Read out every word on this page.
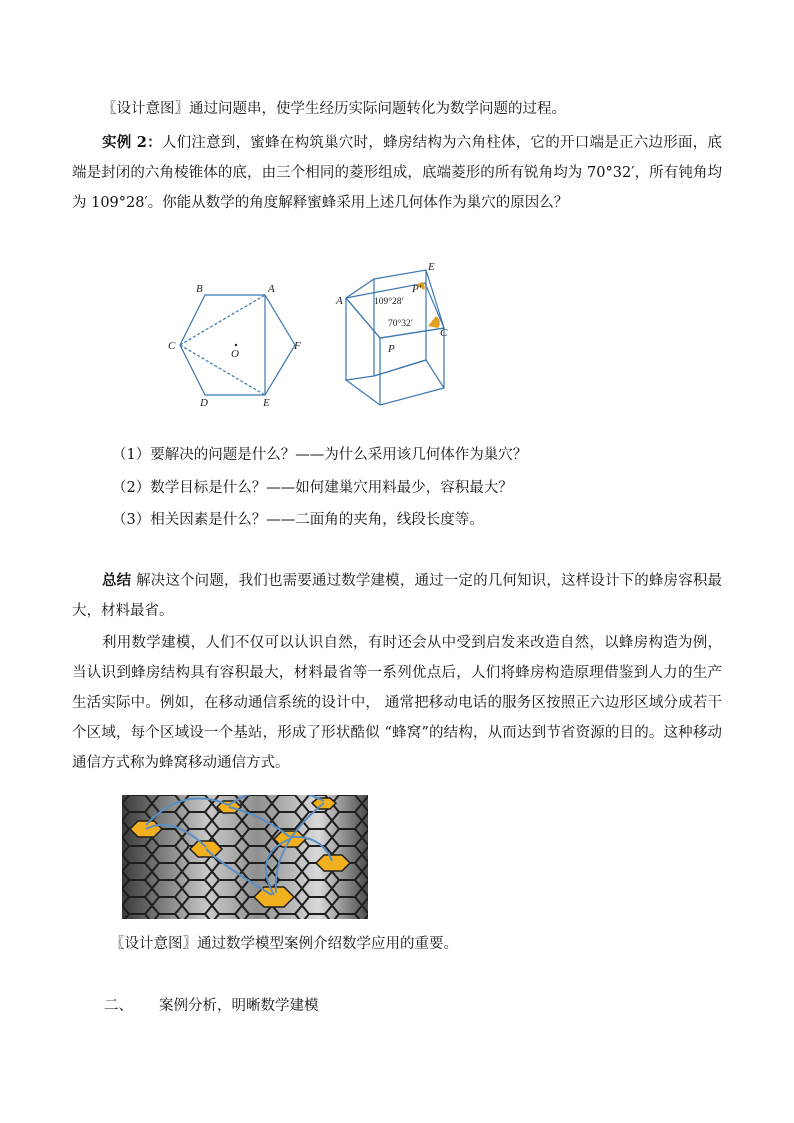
〖设计意图〗通过问题串，使学生经历实际问题转化为数学问题的过程。

实例 2：人们注意到，蜜蜂在构筑巢穴时，蜂房结构为六角柱体，它的开口端是正六边形面，底端是封闭的六角棱锥体的底，由三个相同的菱形组成，底端菱形的所有锐角均为 70°32′，所有钝角均为 109°28′。你能从数学的角度解释蜜蜂采用上述几何体作为巢穴的原因么？

B	A
C
O
F
D	E
E
A
P′
C
P
109°28′
70°32′

（1）要解决的问题是什么？——为什么采用该几何体作为巢穴？

（2）数学目标是什么？——如何建巢穴用料最少，容积最大？

（3）相关因素是什么？——二面角的夹角，线段长度等。

总结 解决这个问题，我们也需要通过数学建模，通过一定的几何知识，这样设计下的蜂房容积最大，材料最省。

利用数学建模，人们不仅可以认识自然，有时还会从中受到启发来改造自然，以蜂房构造为例，当认识到蜂房结构具有容积最大，材料最省等一系列优点后，人们将蜂房构造原理借鉴到人力的生产生活实际中。例如，在移动通信系统的设计中， 通常把移动电话的服务区按照正六边形区域分成若干个区域，每个区域设一个基站，形成了形状酷似 “蜂窝”的结构，从而达到节省资源的目的。这种移动通信方式称为蜂窝移动通信方式。

〖设计意图〗通过数学模型案例介绍数学应用的重要。

二、 案例分析，明晰数学建模
